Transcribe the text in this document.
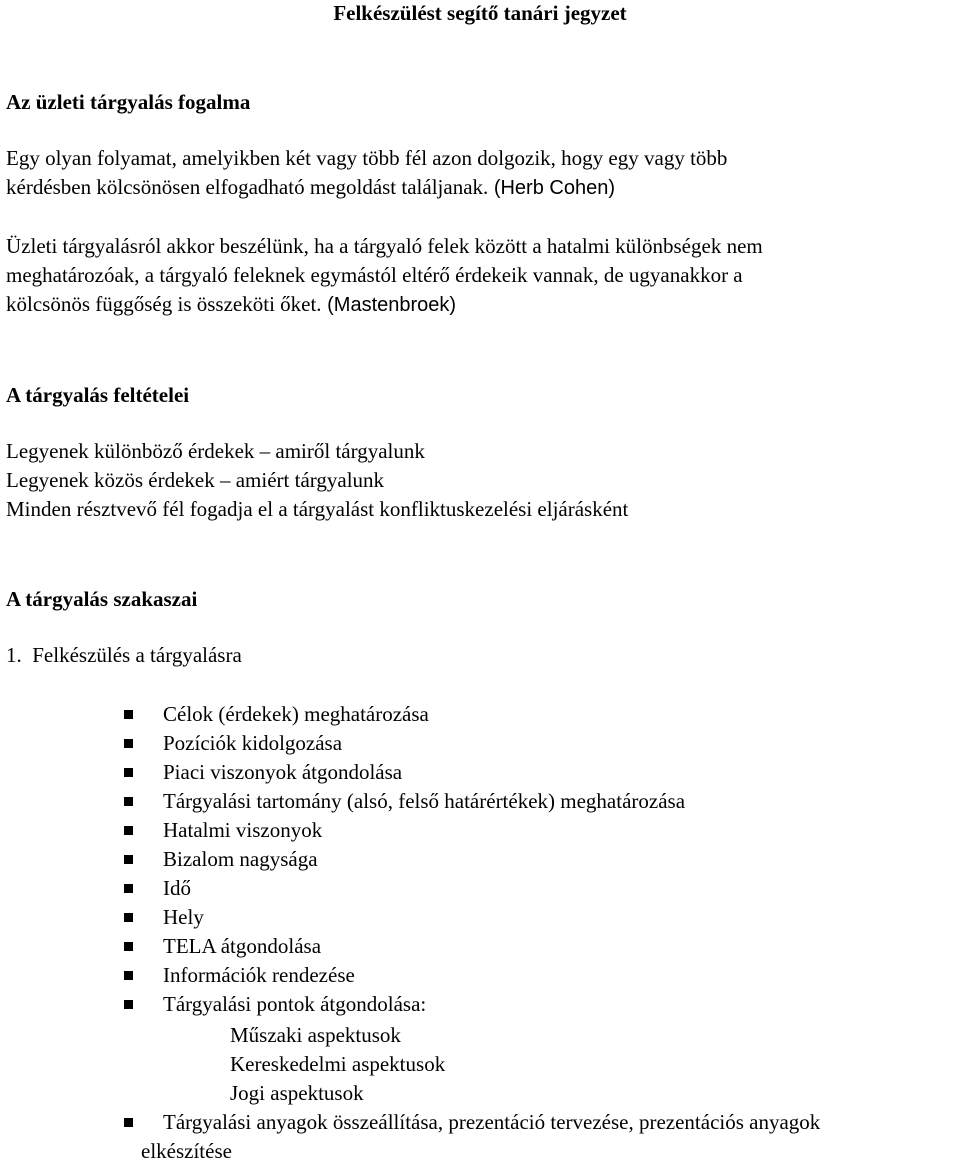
Felkészülést segítő tanári jegyzet
Az üzleti tárgyalás fogalma
Egy olyan folyamat, amelyikben két vagy több fél azon dolgozik, hogy egy vagy több
kérdésben kölcsönösen elfogadható megoldást találjanak. (Herb Cohen)
Üzleti tárgyalásról akkor beszélünk, ha a tárgyaló felek között a hatalmi különbségek nem
meghatározóak, a tárgyaló feleknek egymástól eltérő érdekeik vannak, de ugyanakkor a
kölcsönös függőség is összeköti őket. (Mastenbroek)
A tárgyalás feltételei
Legyenek különböző érdekek – amiről tárgyalunk
Legyenek közös érdekek – amiért tárgyalunk
Minden résztvevő fél fogadja el a tárgyalást konfliktuskezelési eljárásként
A tárgyalás szakaszai
1.  Felkészülés a tárgyalásra
Célok (érdekek) meghatározása
Pozíciók kidolgozása
Piaci viszonyok átgondolása
Tárgyalási tartomány (alsó, felső határértékek) meghatározása
Hatalmi viszonyok
Bizalom nagysága
Idő
Hely
TELA átgondolása
Információk rendezése
Tárgyalási pontok átgondolása:
Műszaki aspektusok
Kereskedelmi aspektusok
Jogi aspektusok
Tárgyalási anyagok összeállítása, prezentáció tervezése, prezentációs anyagok
elkészítése
